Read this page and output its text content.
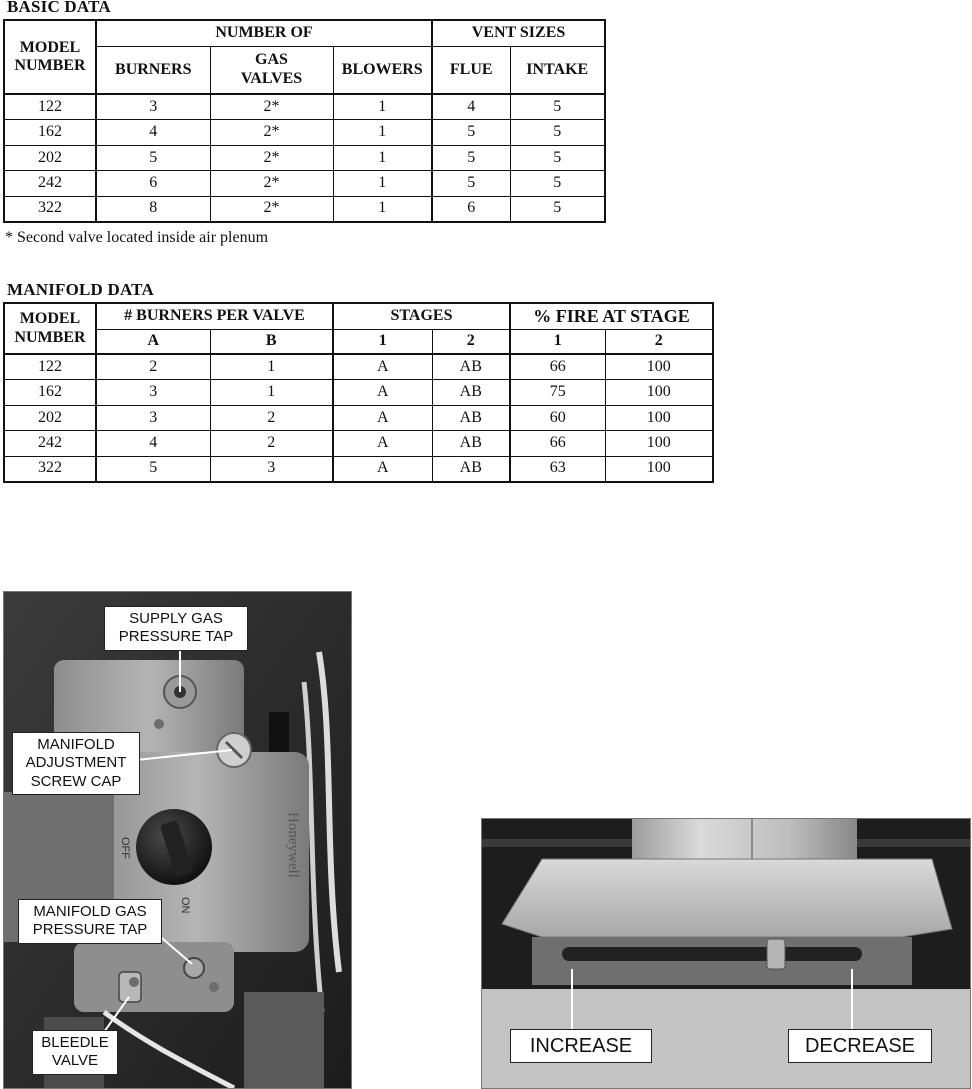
BASIC DATA
MODEL NUMBER	NUMBER OF			VENT SIZES	
	BURNERS	GAS VALVES	BLOWERS	FLUE	INTAKE
122	3	2*	1	4	5
162	4	2*	1	5	5
202	5	2*	1	5	5
242	6	2*	1	5	5
322	8	2*	1	6	5
* Second valve located inside air plenum
MANIFOLD DATA
MODEL NUMBER	# BURNERS PER VALVE		STAGES		% FIRE AT STAGE	
	A	B	1	2	1	2
122	2	1	A	AB	66	100
162	3	1	A	AB	75	100
202	3	2	A	AB	60	100
242	4	2	A	AB	66	100
322	5	3	A	AB	63	100
OFF
ON
Honeywell
SUPPLY GAS PRESSURE TAP
MANIFOLD ADJUSTMENT SCREW CAP
MANIFOLD GAS PRESSURE TAP
BLEEDLE VALVE
INCREASE	DECREASE
